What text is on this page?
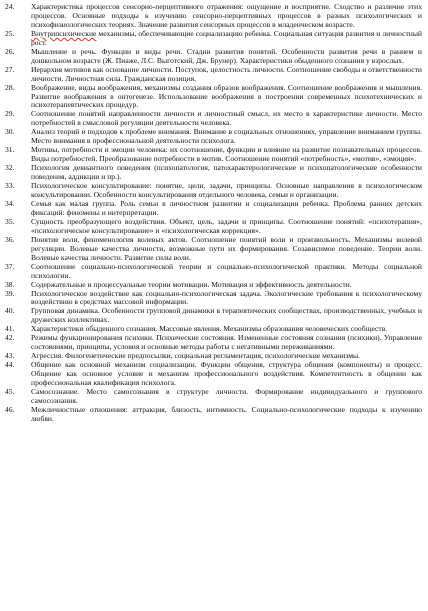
24.	Характеристика процессов сенсорно-перцептивного отражения: ощущение и восприятие. Сходство и различие этих процессов. Основные подходы к изучению сенсорно-перцептивных процессов в разных психологических и психофизиологических теориях. Значение развития сенсорных процессов в младенческом возрасте.
25.	Внутрипсихические механизмы, обеспечивающие социализацию ребенка. Социальная ситуация развития и личностный рост.
26.	Мышление и речь. Функции и виды речи. Стадии развития понятий. Особенности развития речи в раннем и дошкольном возрасте (Ж. Пиаже, Л.С. Выготский, Дж. Брунер). Характеристики обыденного сознания у взрослых.
27.	Иерархия мотивов как основание личности. Поступок, целостность личности. Соотношение свободы и ответственности личности. Личностная сила. Гражданская позиция.
28.	Воображение, виды воображения, механизмы создания образов воображения. Соотношение воображения и мышления. Развитие воображения в онтогенезе. Использование воображения в построении современных психотехнических и психотерапевтических процедур.
29.	Соотношение понятий направленности личности и личностный смысл, их место в характеристике личности. Место потребностей в смысловой регуляции деятельности человека.
30.	Анализ теорий и подходов к проблеме внимания. Внимание в социальных отношениях, управление вниманием группы. Место внимания в профессиональной деятельности психолога.
31.	Мотивы, потребности и эмоции человека: их соотношение, функции и влияние на развитие познавательных процессов. Виды потребностей. Преобразование потребности в мотив. Соотношение понятий «потребность», «мотив», «эмоция».
32.	Психология девиантного поведения (психопатология, патохарактерологические и психопатологические особенности поведения, аддикции и пр.).
33.	Психологическое консультирование: понятие, цели, задачи, принципы. Основные направления в психологическом консультировании. Особенности консультирования отдельного человека, семьи и организации.
34.	Семья как малая группа. Роль семьи в личностном развитии и социализации ребенка. Проблема ранних детских фиксаций: феномены и интерпретации.
35.	Сущность преобразующего воздействия. Объект, цель, задачи и принципы. Соотношение понятий: «психотерапия», «психологическое консультирование» и «психологическая коррекция».
36.	Понятие воли, феноменология волевых актов. Соотношение понятий воли и произвольность. Механизмы волевой регуляции. Волевые качества личности, возможные пути их формирования. Созависимое поведение. Теории воли. Волевые качества личности. Развитие силы воли.
37.	Соотношение социально-психологической теории и социально-психологической практики. Методы социальной психологии.
38.	Содержательные и процессуальные теории мотивации. Мотивация и эффективность деятельности.
39.	Психологическое воздействие как социально-психологическая задача. Экологические требования к психологическому воздействию в средствах массовой информации.
40.	Групповая динамика. Особенности групповой динамики в терапевтических сообществах, производственных, учебных и дружеских коллективах.
41.	Характеристики обыденного сознания. Массовые явления. Механизмы образования человеческих сообществ.
42.	Режимы функционирования психики. Психические состояния. Измененные состояния сознания (психики). Управление состояниями, принципы, условия и основные методы работы с негативными переживаниями.
43.	Агрессия. Филогенетические предпосылки, социальная регламентация, психологические механизмы.
44.	Общение как основной механизм социализации. Функции общения, структура общения (компоненты) и процесс. Общение как основное условие и механизм профессионального воздействия. Компетентность в общении как профессиональная квалификация психолога.
45.	Самосознание. Место самосознания в структуре личности. Формирование индивидуального и группового самосознания.
46.	Межличностные отношения: аттракция, близость, интимность. Социально-психологические подходы к изучению любви.
